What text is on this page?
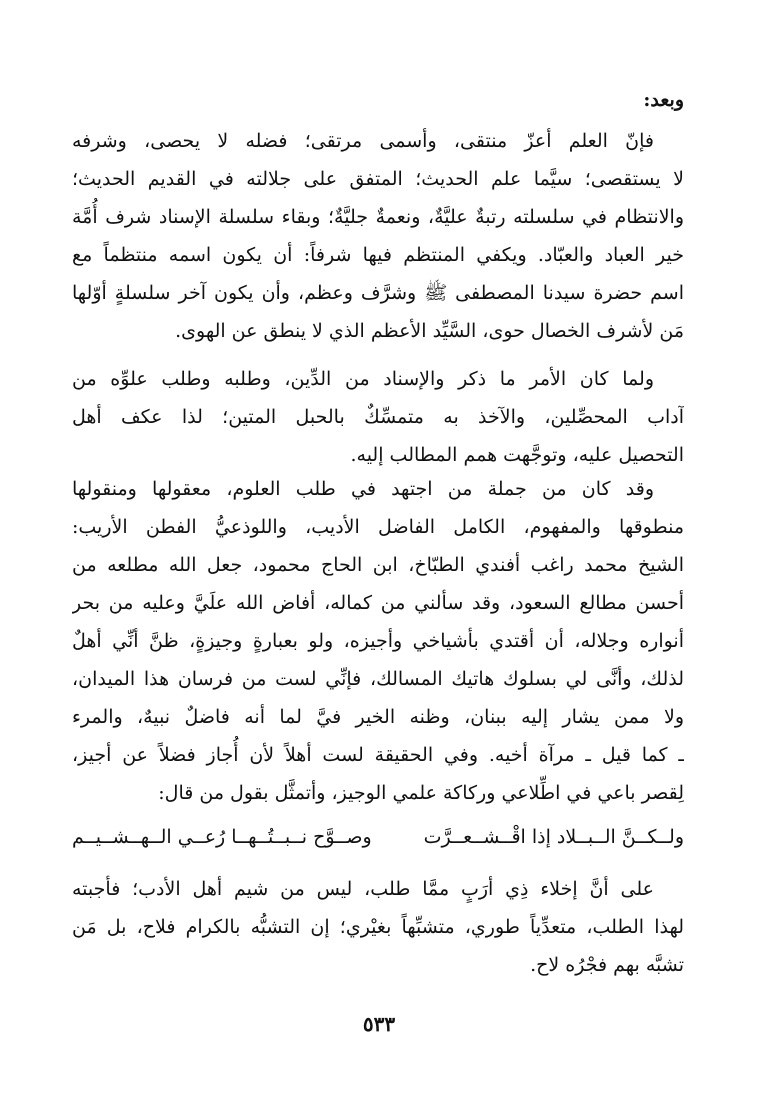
وبعد:
فإنّ العلم أعزّ منتقى، وأسمى مرتقى؛ فضله لا يحصى، وشرفه
لا يستقصى؛ سيَّما علم الحديث؛ المتفق على جلالته في القديم الحديث؛
والانتظام في سلسلته رتبةٌ عليَّةٌ، ونعمةٌ جليَّةٌ؛ وبقاء سلسلة الإسناد شرف أُمَّة
خير العباد والعبّاد. ويكفي المنتظم فيها شرفاً: أن يكون اسمه منتظماً مع
اسم حضرة سيدنا المصطفى ﷺ وشرَّف وعظم، وأن يكون آخر سلسلةٍ أوّلها
مَن لأشرف الخصال حوى، السَّيِّد الأعظم الذي لا ينطق عن الهوى.
ولما كان الأمر ما ذكر والإسناد من الدِّين، وطلبه وطلب علوِّه من
آداب المحصِّلين، والآخذ به متمسِّكٌ بالحبل المتين؛ لذا عكف أهل
التحصيل عليه، وتوجَّهت همم المطالب إليه.
وقد كان من جملة من اجتهد في طلب العلوم، معقولها ومنقولها
منطوقها والمفهوم، الكامل الفاضل الأديب، واللوذعيُّ الفطن الأريب:
الشيخ محمد راغب أفندي الطبّاخ، ابن الحاج محمود، جعل الله مطلعه من
أحسن مطالع السعود، وقد سألني من كماله، أفاض الله علَيَّ وعليه من بحر
أنواره وجلاله، أن أقتدي بأشياخي وأجيزه، ولو بعبارةٍ وجيزةٍ، ظنَّ أنِّي أهلٌ
لذلك، وأنَّى لي بسلوك هاتيك المسالك، فإنِّي لست من فرسان هذا الميدان،
ولا ممن يشار إليه ببنان، وظنه الخير فيَّ لما أنه فاضلٌ نبيهٌ، والمرء
ـ كما قيل ـ مرآة أخيه. وفي الحقيقة لست أهلاً لأن أُجاز فضلاً عن أجيز،
لِقصر باعي في اطِّلاعي وركاكة علمي الوجيز، وأتمثَّل بقول من قال:
ولــكــنَّ الــبــلاد إذا اقْــشــعــرَّت
وصــوَّح نــبــتُــهــا رُعــي الــهــشــيــم
على أنَّ إخلاء ذِي أرَبٍ ممَّا طلب، ليس من شيم أهل الأدب؛ فأجبته
لهذا الطلب، متعدِّياً طوري، متشبِّهاً بغيْري؛ إن التشبُّه بالكرام فلاح، بل مَن
تشبَّه بهم فجْرُه لاح.
٥٣٣
